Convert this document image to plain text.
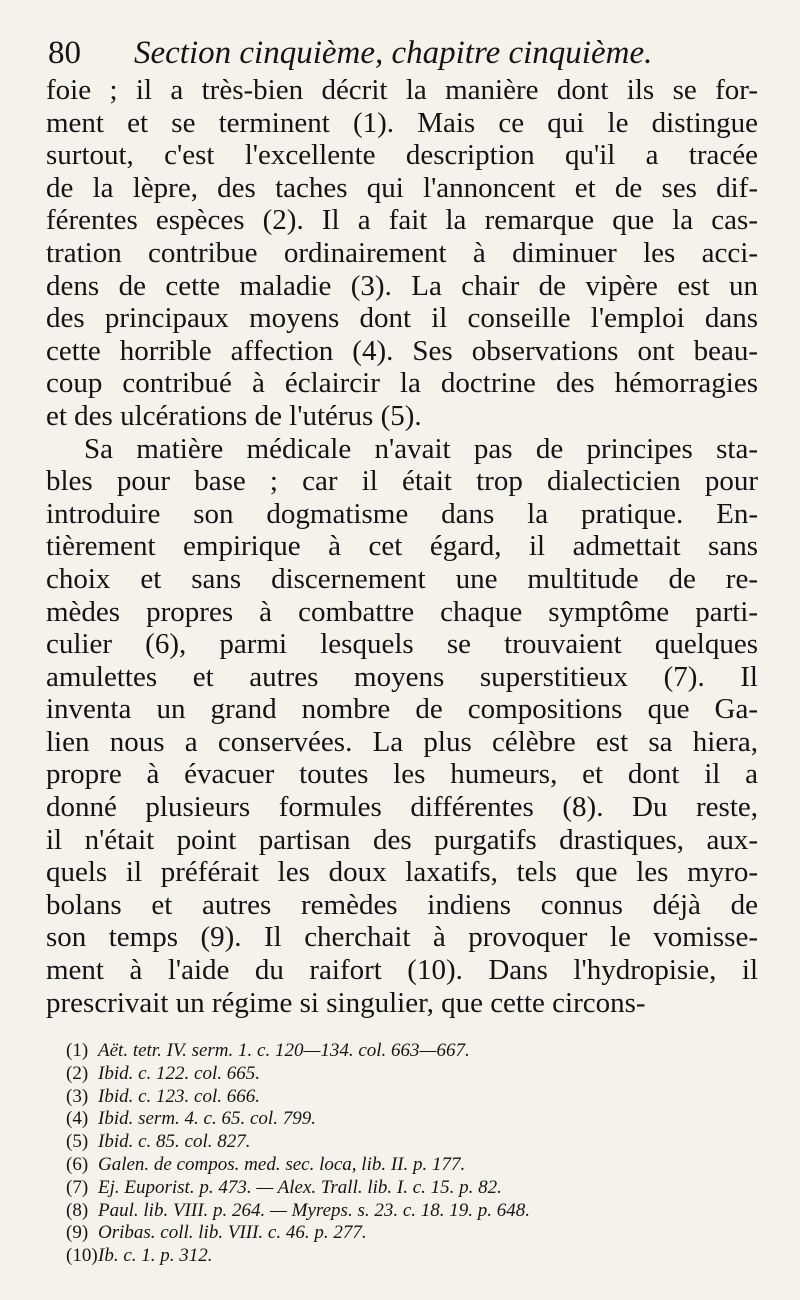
80 Section cinquième, chapitre cinquième.
foie ; il a très-bien décrit la manière dont ils se for-
ment et se terminent (1). Mais ce qui le distingue
surtout, c'est l'excellente description qu'il a tracée
de la lèpre, des taches qui l'annoncent et de ses dif-
férentes espèces (2). Il a fait la remarque que la cas-
tration contribue ordinairement à diminuer les acci-
dens de cette maladie (3). La chair de vipère est un
des principaux moyens dont il conseille l'emploi dans
cette horrible affection (4). Ses observations ont beau-
coup contribué à éclaircir la doctrine des hémorragies
et des ulcérations de l'utérus (5).
Sa matière médicale n'avait pas de principes sta-
bles pour base ; car il était trop dialecticien pour
introduire son dogmatisme dans la pratique. En-
tièrement empirique à cet égard, il admettait sans
choix et sans discernement une multitude de re-
mèdes propres à combattre chaque symptôme parti-
culier (6), parmi lesquels se trouvaient quelques
amulettes et autres moyens superstitieux (7). Il
inventa un grand nombre de compositions que Ga-
lien nous a conservées. La plus célèbre est sa hiera,
propre à évacuer toutes les humeurs, et dont il a
donné plusieurs formules différentes (8). Du reste,
il n'était point partisan des purgatifs drastiques, aux-
quels il préférait les doux laxatifs, tels que les myro-
bolans et autres remèdes indiens connus déjà de
son temps (9). Il cherchait à provoquer le vomisse-
ment à l'aide du raifort (10). Dans l'hydropisie, il
prescrivait un régime si singulier, que cette circons-
(1) Aët. tetr. IV. serm. 1. c. 120—134. col. 663—667.
(2) Ibid. c. 122. col. 665.
(3) Ibid. c. 123. col. 666.
(4) Ibid. serm. 4. c. 65. col. 799.
(5) Ibid. c. 85. col. 827.
(6) Galen. de compos. med. sec. loca, lib. II. p. 177.
(7) Ej. Euporist. p. 473. — Alex. Trall. lib. I. c. 15. p. 82.
(8) Paul. lib. VIII. p. 264. — Myreps. s. 23. c. 18. 19. p. 648.
(9) Oribas. coll. lib. VIII. c. 46. p. 277.
(10)Ib. c. 1. p. 312.
